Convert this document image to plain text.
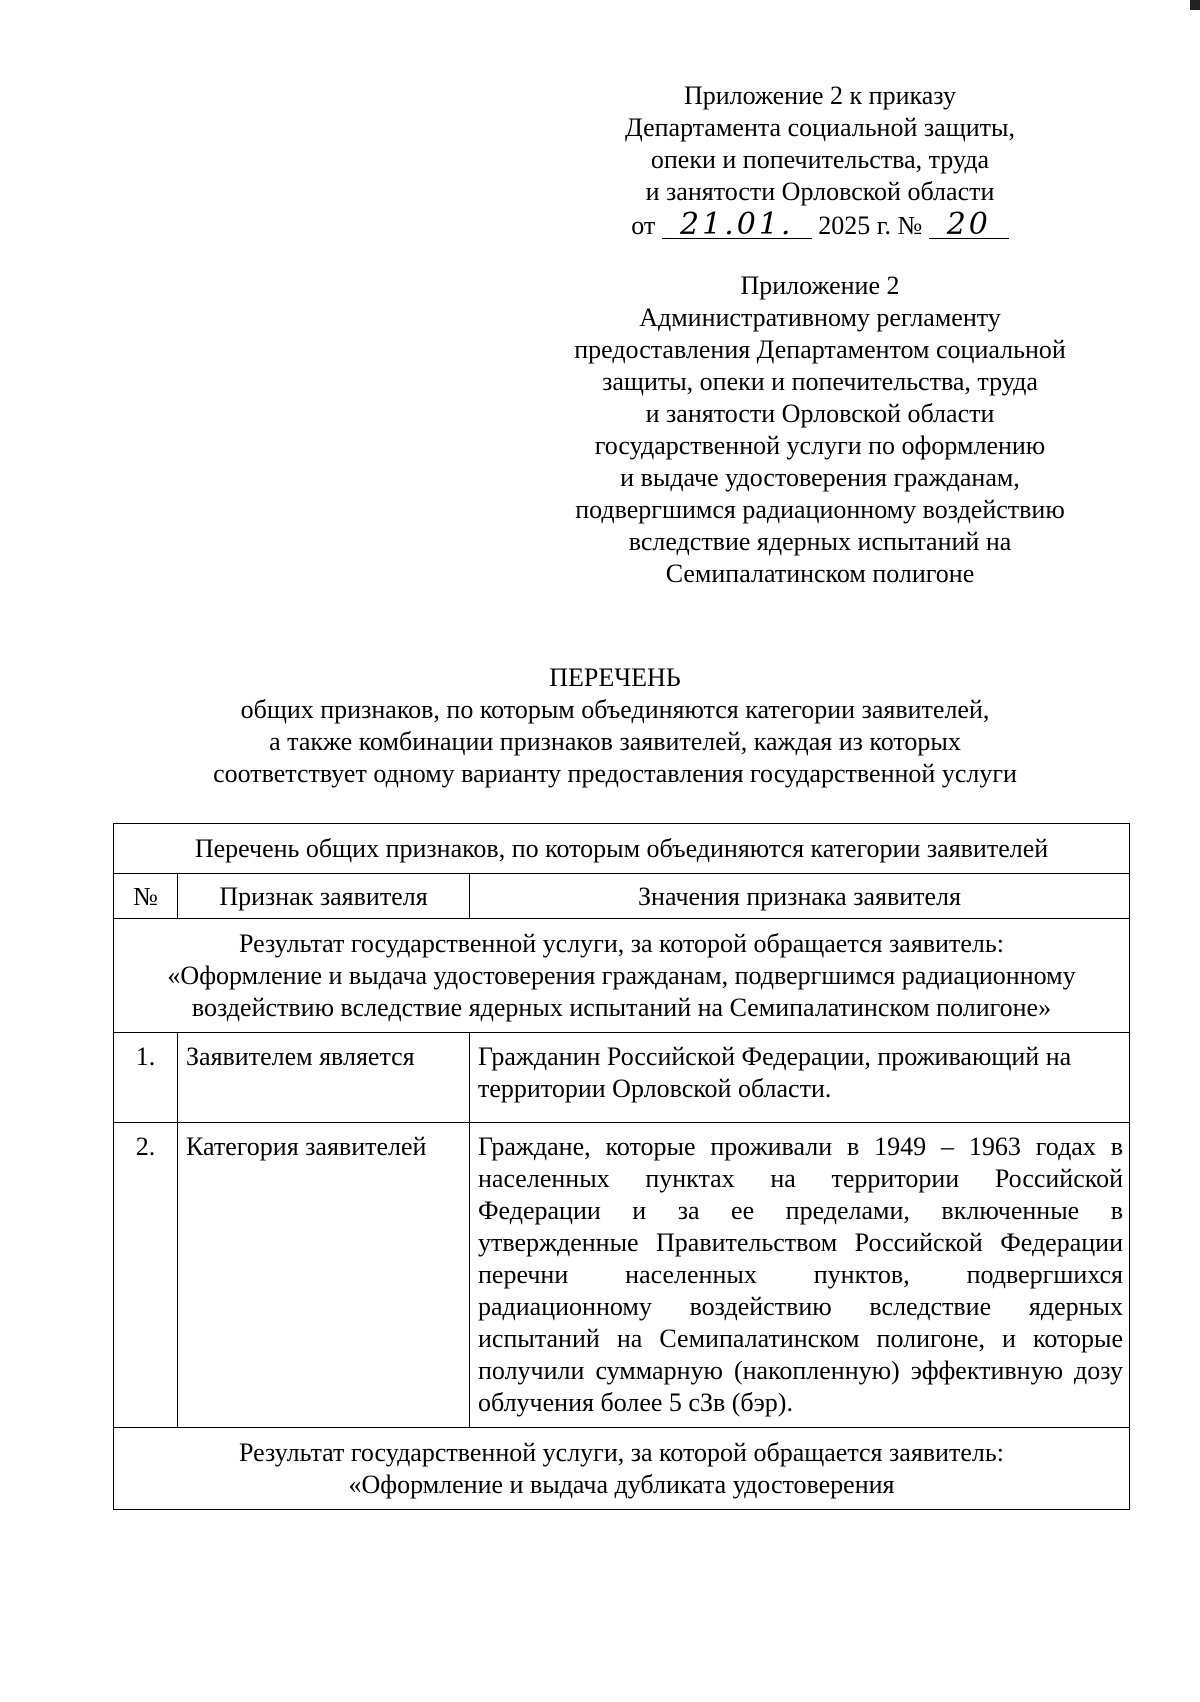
Приложение 2 к приказу
Департамента социальной защиты,
опеки и попечительства, труда
и занятости Орловской области
от 21.01. 2025 г. № 20
Приложение 2
Административному регламенту
предоставления Департаментом социальной
защиты, опеки и попечительства, труда
и занятости Орловской области
государственной услуги по оформлению
и выдаче удостоверения гражданам,
подвергшимся радиационному воздействию
вследствие ядерных испытаний на
Семипалатинском полигоне
ПЕРЕЧЕНЬ
общих признаков, по которым объединяются категории заявителей,
а также комбинации признаков заявителей, каждая из которых
соответствует одному варианту предоставления государственной услуги
Перечень общих признаков, по которым объединяются категории заявителей		
№	Признак заявителя	Значения признака заявителя

Результат государственной услуги, за которой обращается заявитель:
«Оформление и выдача удостоверения гражданам, подвергшимся радиационному
воздействию вследствие ядерных испытаний на Семипалатинском полигоне»		

1.	Заявителем является	Гражданин Российской Федерации, проживающий на территории Орловской области.
2.	Категория заявителей	Граждане, которые проживали в 1949 – 1963 годах в населенных пунктах на территории Российской Федерации и за ее пределами, включенные в утвержденные Правительством Российской Федерации перечни населенных пунктов, подвергшихся радиационному воздействию вследствие ядерных испытаний на Семипалатинском полигоне, и которые получили суммарную (накопленную) эффективную дозу облучения более 5 сЗв (бэр).

Результат государственной услуги, за которой обращается заявитель:
«Оформление и выдача дубликата удостоверения		
